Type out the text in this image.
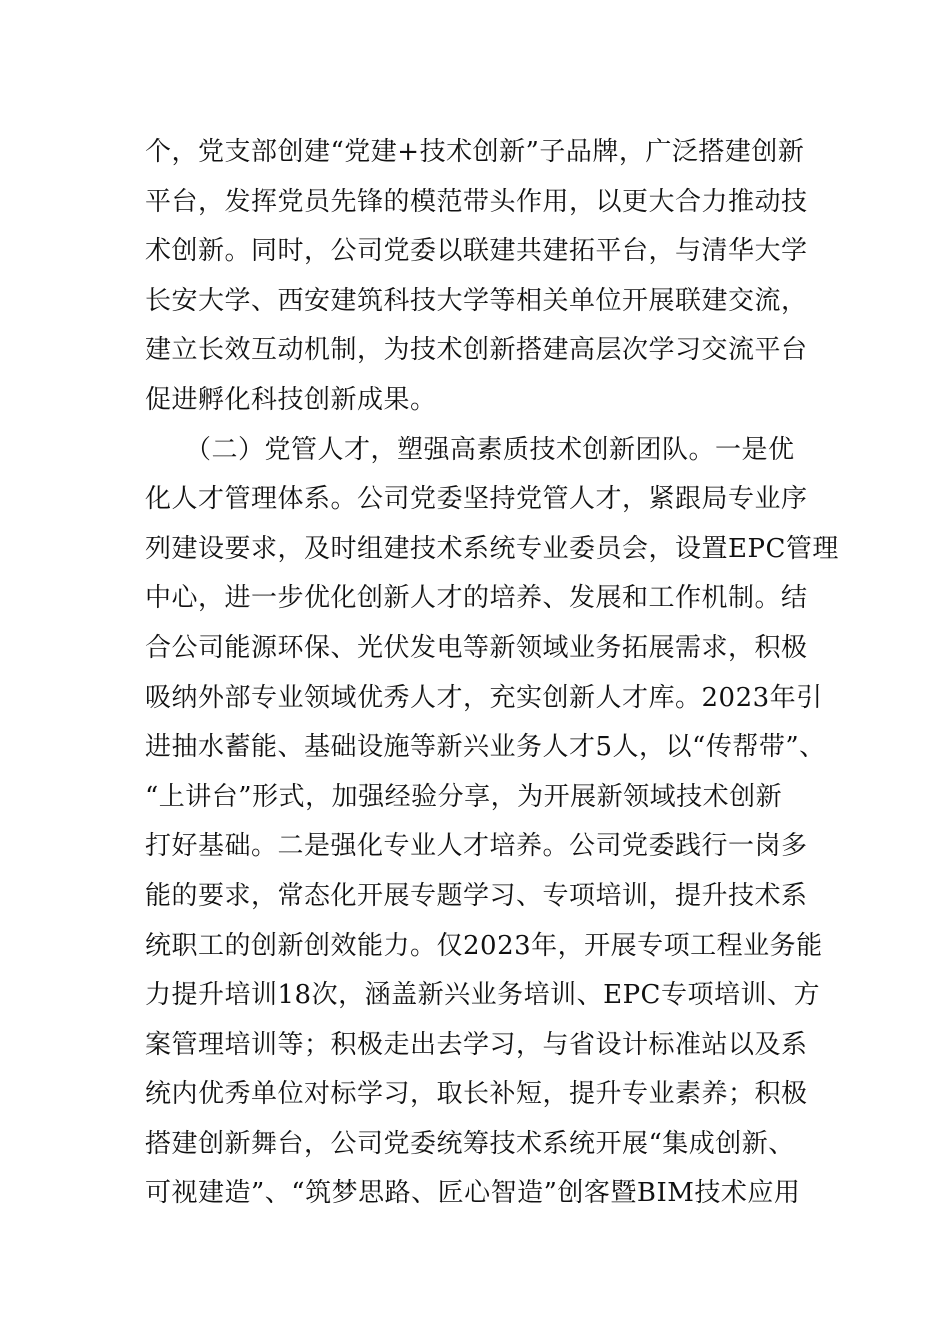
个，党支部创建“党建+技术创新”子品牌，广泛搭建创新
平台，发挥党员先锋的模范带头作用，以更大合力推动技
术创新。同时，公司党委以联建共建拓平台，与清华大学
长安大学、西安建筑科技大学等相关单位开展联建交流，
建立长效互动机制，为技术创新搭建高层次学习交流平台
促进孵化科技创新成果。
　　（二）党管人才，塑强高素质技术创新团队。一是优
化人才管理体系。公司党委坚持党管人才，紧跟局专业序
列建设要求，及时组建技术系统专业委员会，设置EPC管理
中心，进一步优化创新人才的培养、发展和工作机制。结
合公司能源环保、光伏发电等新领域业务拓展需求，积极
吸纳外部专业领域优秀人才，充实创新人才库。2023年引
进抽水蓄能、基础设施等新兴业务人才5人，以“传帮带”、
“上讲台”形式，加强经验分享，为开展新领域技术创新
打好基础。二是强化专业人才培养。公司党委践行一岗多
能的要求，常态化开展专题学习、专项培训，提升技术系
统职工的创新创效能力。仅2023年，开展专项工程业务能
力提升培训18次，涵盖新兴业务培训、EPC专项培训、方
案管理培训等；积极走出去学习，与省设计标准站以及系
统内优秀单位对标学习，取长补短，提升专业素养；积极
搭建创新舞台，公司党委统筹技术系统开展“集成创新、
可视建造”、“筑梦思路、匠心智造”创客暨BIM技术应用
